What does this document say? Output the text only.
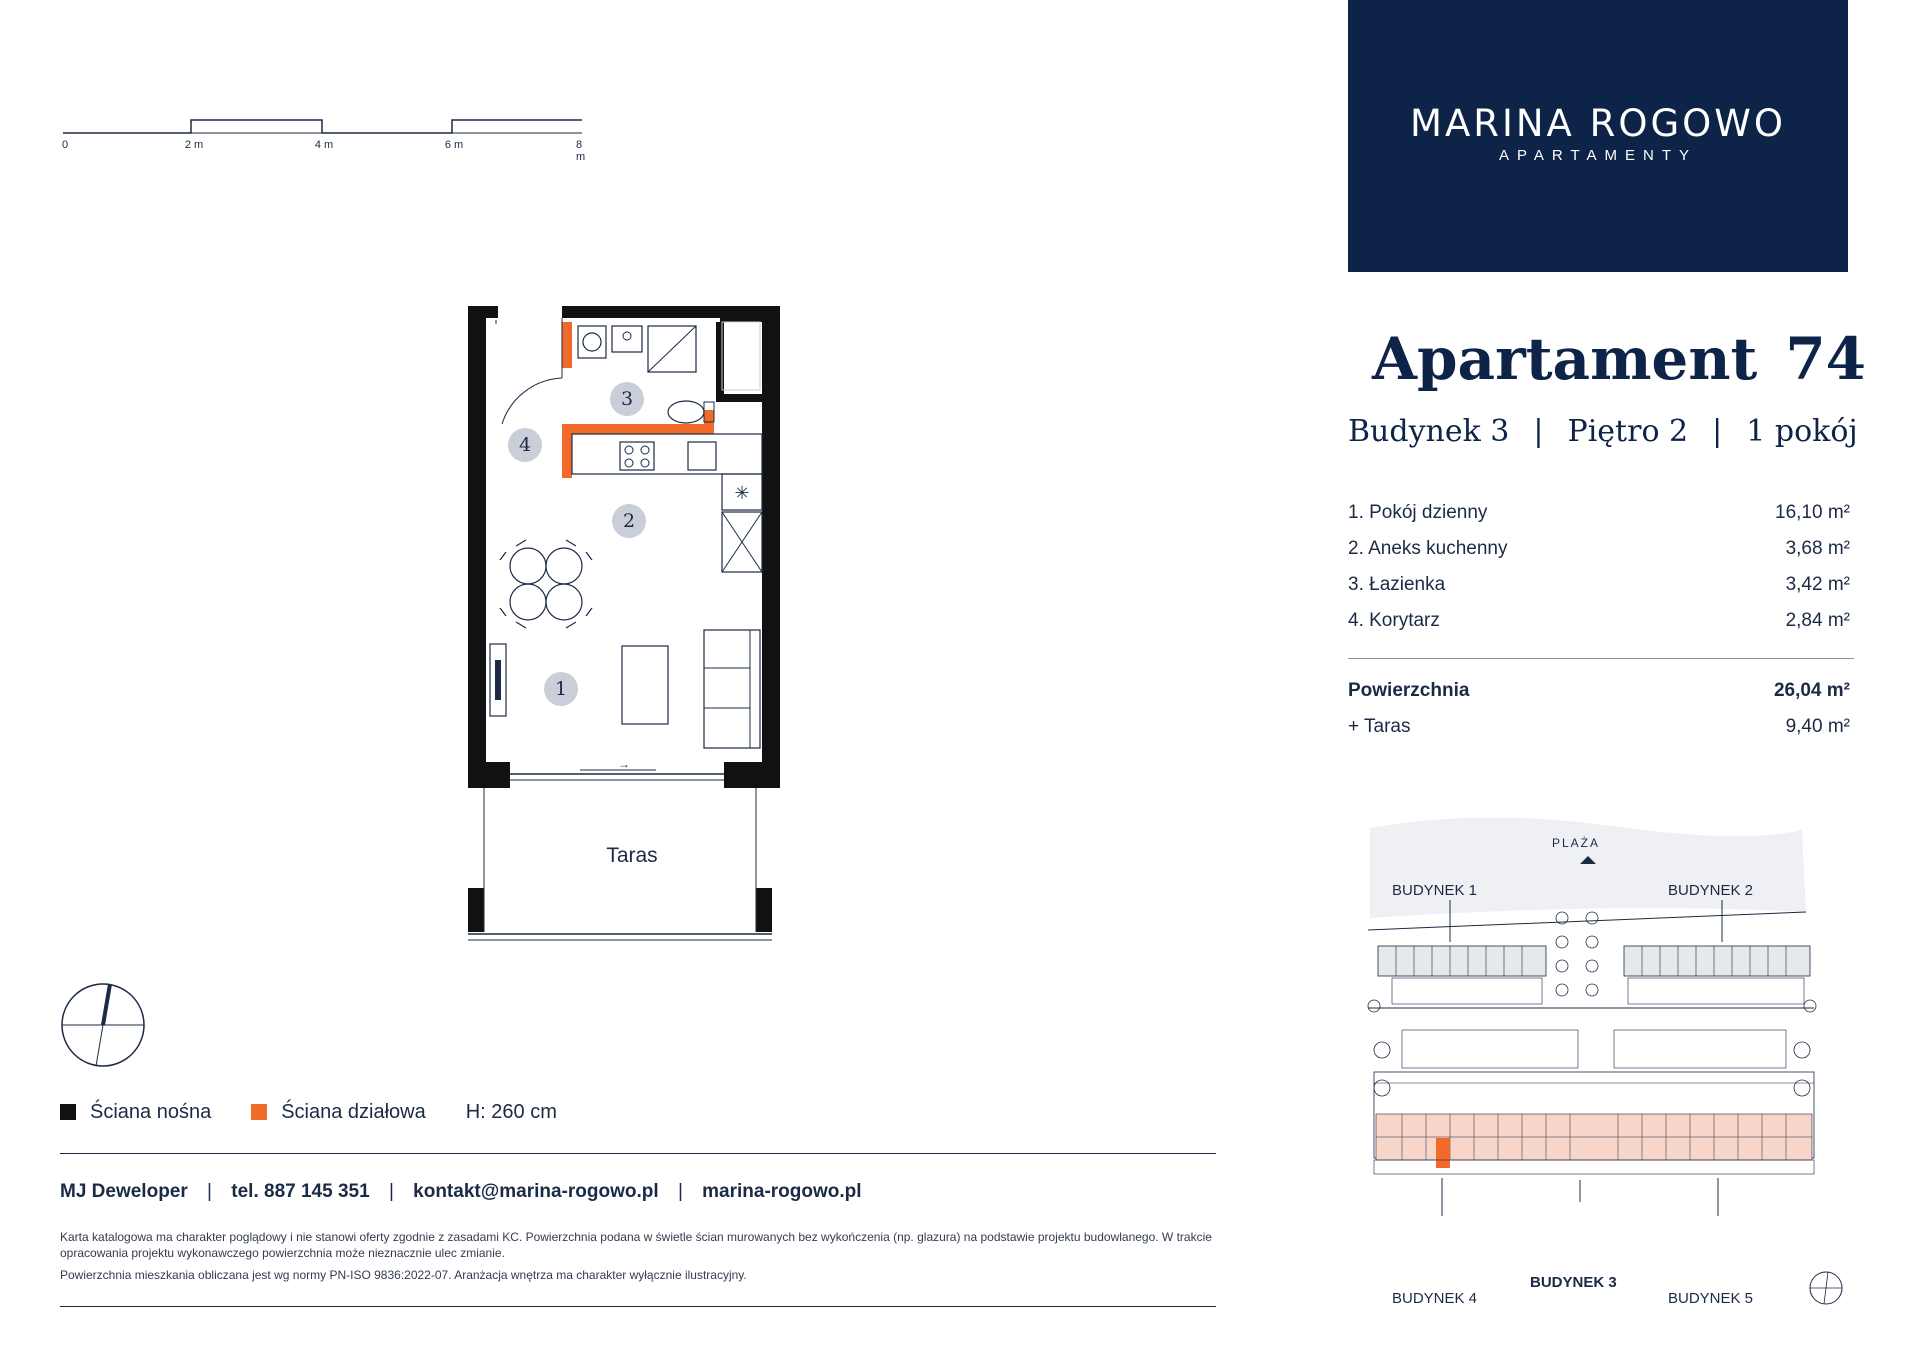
0	2 m	4 m	6 m	8 m
✳
→
3
4
2
1
Taras
Ściana nośna	Ściana działowa H: 260 cm
MJ Deweloper | tel. 887 145 351 | kontakt@marina-rogowo.pl | marina-rogowo.pl

Karta katalogowa ma charakter poglądowy i nie stanowi oferty zgodnie z zasadami KC. Powierzchnia podana w świetle ścian murowanych bez wykończenia (np. glazura) na podstawie projektu budowlanego. W trakcie opracowania projektu wykonawczego powierzchnia może nieznacznie ulec zmianie.

Powierzchnia mieszkania obliczana jest wg normy PN-ISO 9836:2022-07. Aranżacja wnętrza ma charakter wyłącznie ilustracyjny.

MARINA ROGOWO
APARTAMENTY
Apartament 74
Budynek 3 | Piętro 2 | 1 pokój
1. Pokój dzienny	16,10 m²
2. Aneks kuchenny	3,68 m²
3. Łazienka	3,42 m²
4. Korytarz	2,84 m²
Powierzchnia	26,04 m²
+ Taras	9,40 m²
PLAŻA
BUDYNEK 1	BUDYNEK 2
BUDYNEK 3
BUDYNEK 4	BUDYNEK 5
